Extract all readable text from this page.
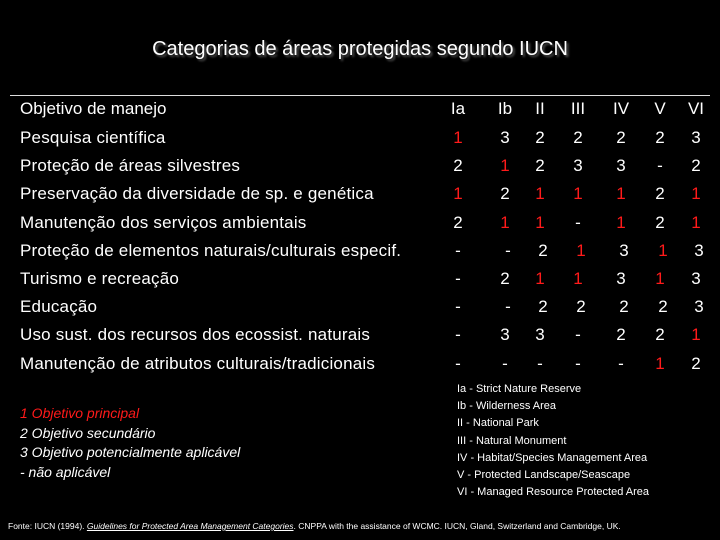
Categorias de áreas protegidas segundo IUCN
Objetivo de manejo	Ia	Ib	II	III	IV	V	VI
Pesquisa científica	1	3	2	2	2	2	3
Proteção de áreas silvestres	2	1	2	3	3	-	2
Preservação da diversidade de sp. e genética	1	2	1	1	1	2	1
Manutenção dos serviços ambientais	2	1	1	-	1	2	1
Proteção de elementos naturais/culturais especif.	-	-	2	1	3	1	3
Turismo e recreação	-	2	1	1	3	1	3
Educação	-	-	2	2	2	2	3
Uso sust. dos recursos dos ecossist. naturais	-	3	3	-	2	2	1
Manutenção de atributos culturais/tradicionais	-	-	-	-	-	1	2
1 Objetivo principal
2 Objetivo secundário
3 Objetivo potencialmente aplicável
- não aplicável
Ia - Strict Nature Reserve
Ib - Wilderness Area
II - National Park
III - Natural Monument
IV - Habitat/Species Management Area
V - Protected Landscape/Seascape
VI - Managed Resource Protected Area
Fonte: IUCN (1994). Guidelines for Protected Area Management Categories. CNPPA with the assistance of WCMC. IUCN, Gland, Switzerland and Cambridge, UK.
